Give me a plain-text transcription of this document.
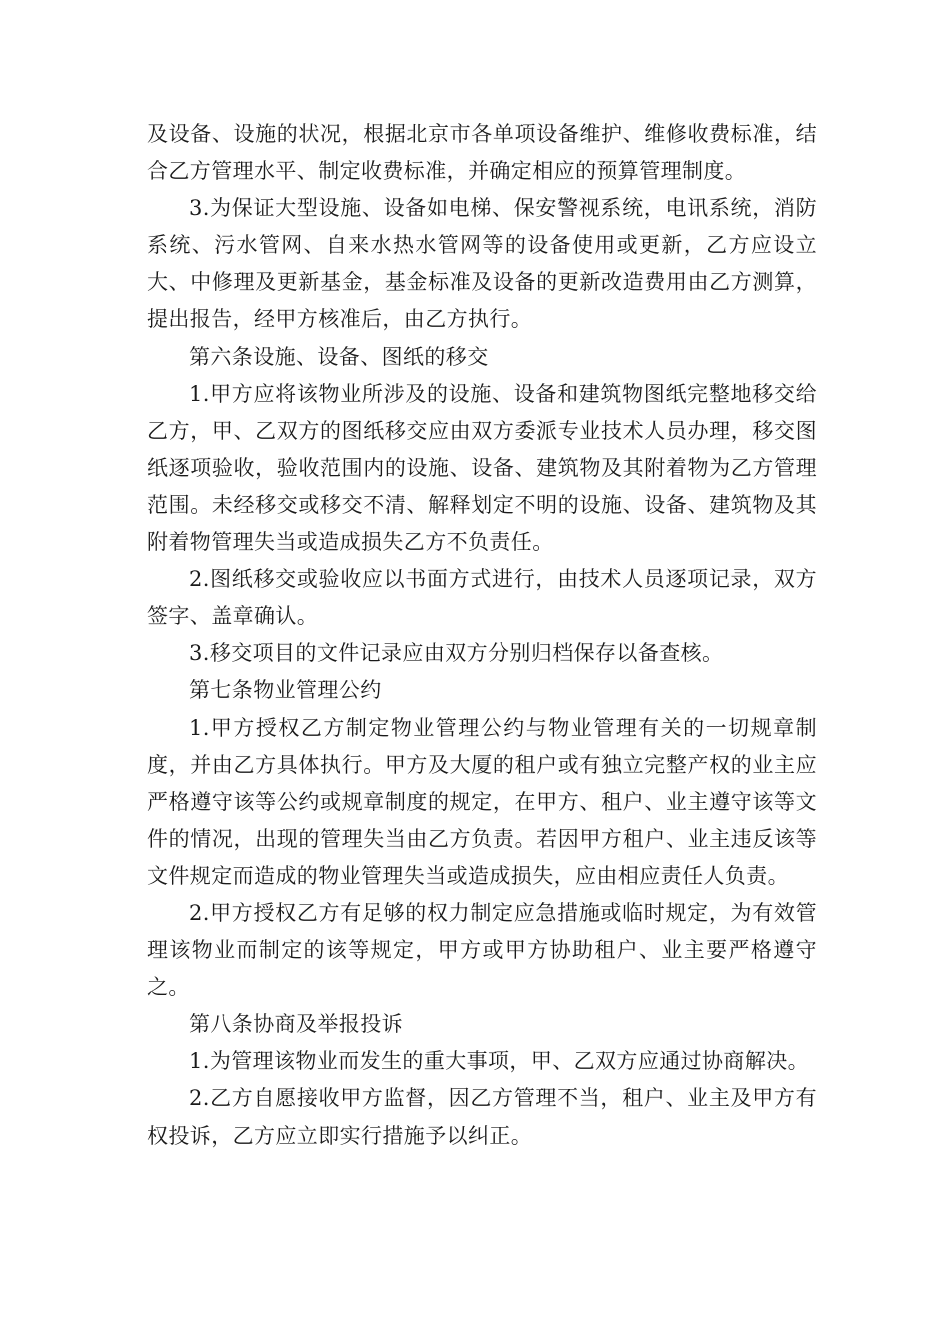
及设备、设施的状况，根据北京市各单项设备维护、维修收费标准，结合乙方管理水平、制定收费标准，并确定相应的预算管理制度。

3.为保证大型设施、设备如电梯、保安警视系统，电讯系统，消防系统、污水管网、自来水热水管网等的设备使用或更新，乙方应设立大、中修理及更新基金，基金标准及设备的更新改造费用由乙方测算，提出报告，经甲方核准后，由乙方执行。

第六条设施、设备、图纸的移交

1.甲方应将该物业所涉及的设施、设备和建筑物图纸完整地移交给乙方，甲、乙双方的图纸移交应由双方委派专业技术人员办理，移交图纸逐项验收，验收范围内的设施、设备、建筑物及其附着物为乙方管理范围。未经移交或移交不清、解释划定不明的设施、设备、建筑物及其附着物管理失当或造成损失乙方不负责任。

2.图纸移交或验收应以书面方式进行，由技术人员逐项记录，双方签字、盖章确认。

3.移交项目的文件记录应由双方分别归档保存以备查核。

第七条物业管理公约

1.甲方授权乙方制定物业管理公约与物业管理有关的一切规章制度，并由乙方具体执行。甲方及大厦的租户或有独立完整产权的业主应严格遵守该等公约或规章制度的规定，在甲方、租户、业主遵守该等文件的情况，出现的管理失当由乙方负责。若因甲方租户、业主违反该等文件规定而造成的物业管理失当或造成损失，应由相应责任人负责。

2.甲方授权乙方有足够的权力制定应急措施或临时规定，为有效管理该物业而制定的该等规定，甲方或甲方协助租户、业主要严格遵守之。

第八条协商及举报投诉

1.为管理该物业而发生的重大事项，甲、乙双方应通过协商解决。

2.乙方自愿接收甲方监督，因乙方管理不当，租户、业主及甲方有权投诉，乙方应立即实行措施予以纠正。
